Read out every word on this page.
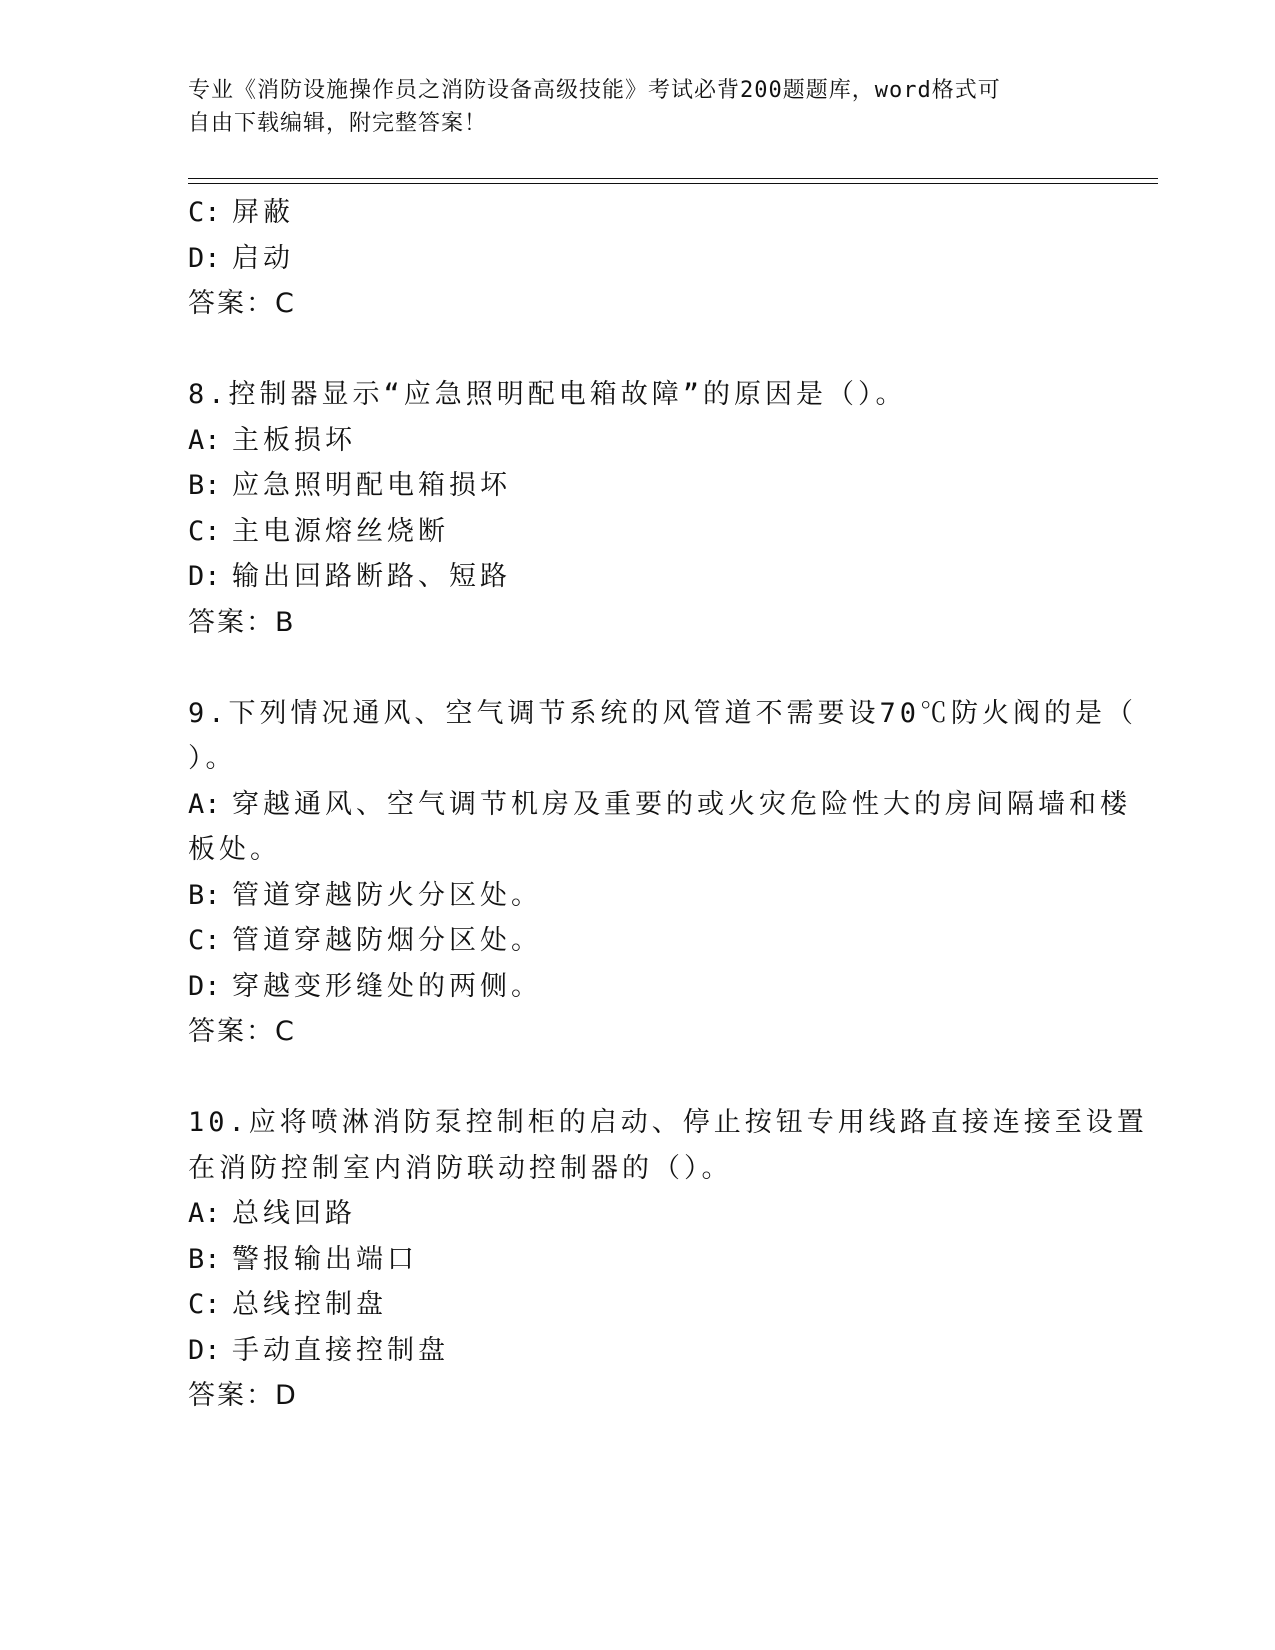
专业《消防设施操作员之消防设备高级技能》考试必背200题题库，word格式可
自由下载编辑，附完整答案！
C: 屏蔽
D: 启动
答案：C
8.控制器显示“应急照明配电箱故障”的原因是（）。
A: 主板损坏
B: 应急照明配电箱损坏
C: 主电源熔丝烧断
D: 输出回路断路、短路
答案：B
9.下列情况通风、空气调节系统的风管道不需要设70℃防火阀的是（
）。
A: 穿越通风、空气调节机房及重要的或火灾危险性大的房间隔墙和楼
板处。
B: 管道穿越防火分区处。
C: 管道穿越防烟分区处。
D: 穿越变形缝处的两侧。
答案：C
10.应将喷淋消防泵控制柜的启动、停止按钮专用线路直接连接至设置
在消防控制室内消防联动控制器的（）。
A: 总线回路
B: 警报输出端口
C: 总线控制盘
D: 手动直接控制盘
答案：D
